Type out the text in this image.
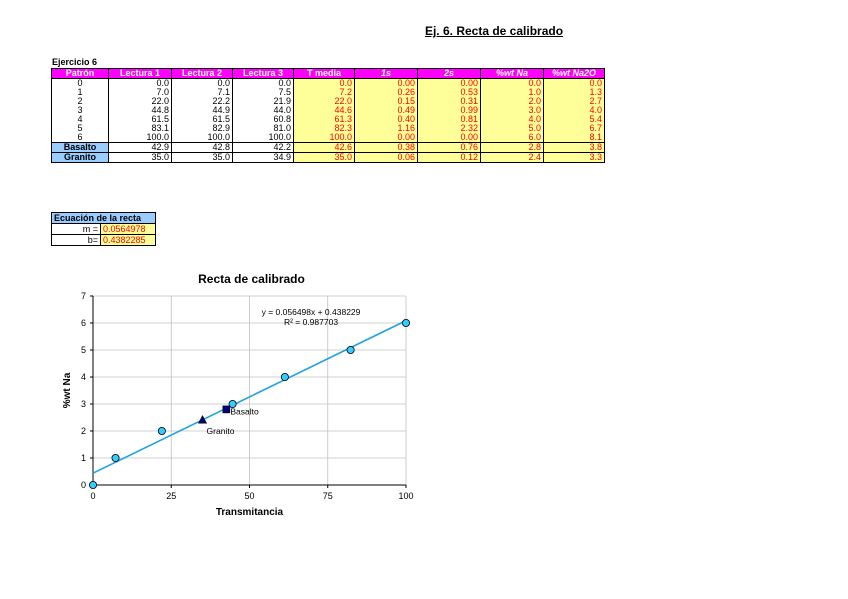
Ej. 6. Recta de calibrado
Ejercicio 6
Patrón	Lectura 1	Lectura 2	Lectura 3	T media	1s	2s	%wt Na	%wt Na2O
0	0.0	0.0	0.0	0.0	0.00	0.00	0.0	0.0
1	7.0	7.1	7.5	7.2	0.26	0.53	1.0	1.3
2	22.0	22.2	21.9	22.0	0.15	0.31	2.0	2.7
3	44.8	44.9	44.0	44.6	0.49	0.99	3.0	4.0
4	61.5	61.5	60.8	61.3	0.40	0.81	4.0	5.4
5	83.1	82.9	81.0	82.3	1.16	2.32	5.0	6.7
6	100.0	100.0	100.0	100.0	0.00	0.00	6.0	8.1
Basalto	42.9	42.8	42.2	42.6	0.38	0.76	2.8	3.8
Granito	35.0	35.0	34.9	35.0	0.06	0.12	2.4	3.3
Ecuación de la recta	
m =	0.0564978
b=	0.4382285
0
1
2
3
4
5
6
7
0	25	50	75	100
Recta de calibrado
Transmitancia
%wt Na
y = 0.056498x + 0.438229
R² = 0.987703
Basalto
Granito
